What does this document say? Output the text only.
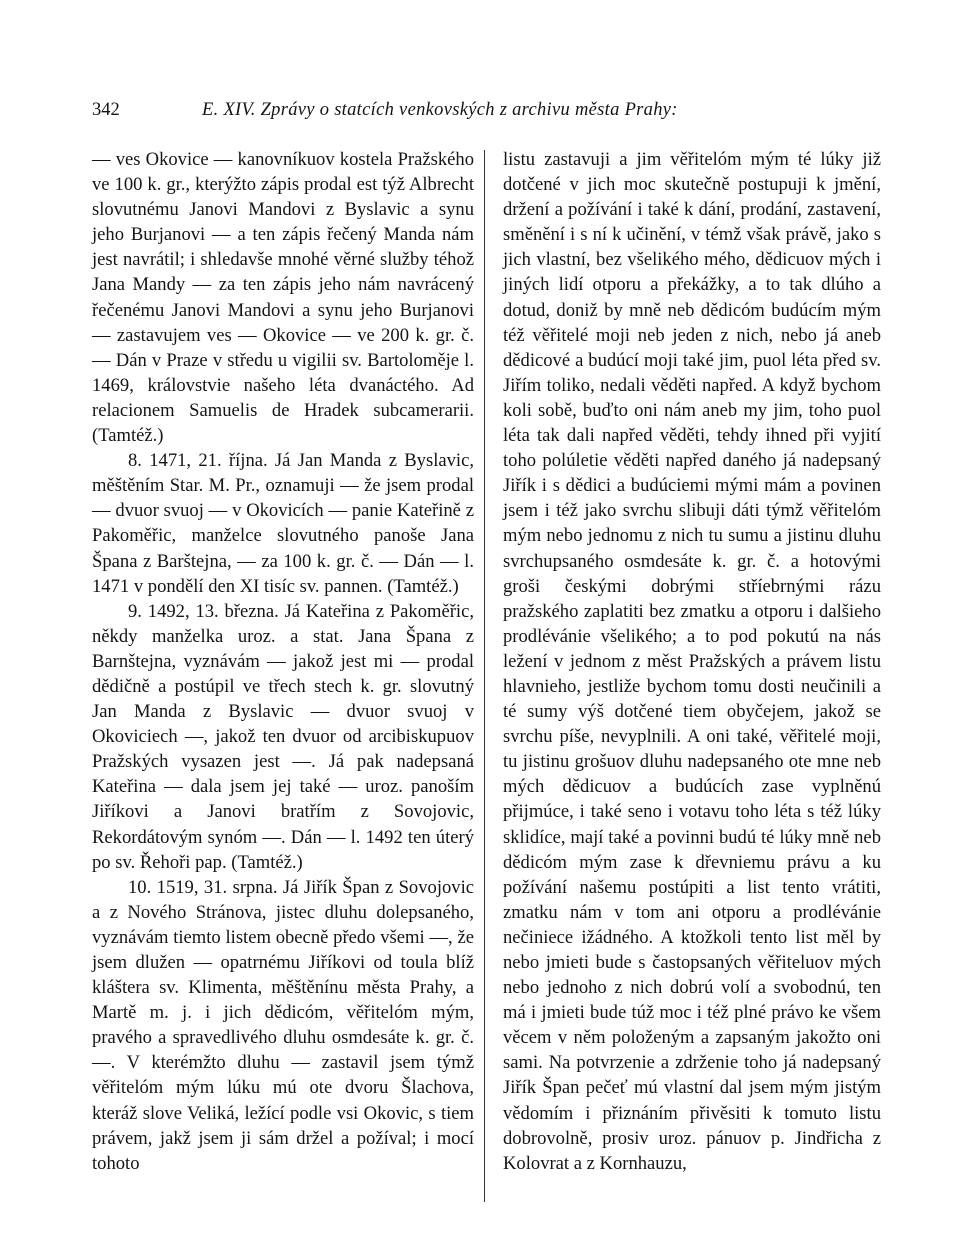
342	E. XIV. Zprávy o statcích venkovských z archivu města Prahy:

— ves Okovice — kanovníkuov kostela Pražského ve 100 k. gr., kterýžto zápis prodal est týž Albrecht slovutnému Janovi Mandovi z Byslavic a synu jeho Burjanovi — a ten zápis řečený Manda nám jest navrátil; i shledavše mnohé věrné služby téhož Jana Mandy — za ten zápis jeho nám navrácený řečenému Janovi Mandovi a synu jeho Burjanovi — zastavujem ves — Okovice — ve 200 k. gr. č. — Dán v Praze v středu u vigilii sv. Bartoloměje l. 1469, královstvie našeho léta dvanáctého. Ad relacionem Samuelis de Hradek subcamerarii. (Tamtéž.)

8. 1471, 21. října. Já Jan Manda z Byslavic, měštěním Star. M. Pr., oznamuji — že jsem prodal — dvuor svuoj — v Okovicích — panie Kateřině z Pakoměřic, manželce slovutného panoše Jana Špana z Barštejna, — za 100 k. gr. č. — Dán — l. 1471 v pondělí den XI tisíc sv. pannen. (Tamtéž.)

9. 1492, 13. března. Já Kateřina z Pakoměřic, někdy manželka uroz. a stat. Jana Špana z Barnštejna, vyznávám — jakož jest mi — prodal dědičně a postúpil ve třech stech k. gr. slovutný Jan Manda z Byslavic — dvuor svuoj v Okoviciech —, jakož ten dvuor od arcibiskupuov Pražských vysazen jest —. Já pak nadepsaná Kateřina — dala jsem jej také — uroz. panoším Jiříkovi a Janovi bratřím z Sovojovic, Rekordátovým synóm —. Dán — l. 1492 ten úterý po sv. Řehoři pap. (Tamtéž.)

10. 1519, 31. srpna. Já Jiřík Špan z Sovojovic a z Nového Stránova, jistec dluhu dolepsaného, vyznávám tiemto listem obecně předo všemi —, že jsem dlužen — opatrnému Jiříkovi od toula blíž kláštera sv. Klimenta, měštěnínu města Prahy, a Martě m. j. i jich dědicóm, věřitelóm mým, pravého a spravedlivého dluhu osmdesáte k. gr. č. —. V kterémžto dluhu — zastavil jsem týmž věřitelóm mým lúku mú ote dvoru Šlachova, kteráž slove Veliká, ležící podle vsi Okovic, s tiem právem, jakž jsem ji sám držel a požíval; i mocí tohoto

listu zastavuji a jim věřitelóm mým té lúky již dotčené v jich moc skutečně postupuji k jmění, držení a požívání i také k dání, prodání, zastavení, směnění i s ní k učinění, v témž však právě, jako s jich vlastní, bez všelikého mého, dědicuov mých i jiných lidí otporu a překážky, a to tak dlúho a dotud, doniž by mně neb dědicóm budúcím mým též věřitelé moji neb jeden z nich, nebo já aneb dědicové a budúcí moji také jim, puol léta před sv. Jiřím toliko, nedali věděti napřed. A když bychom koli sobě, buďto oni nám aneb my jim, toho puol léta tak dali napřed věděti, tehdy ihned při vyjití toho polúletie věděti napřed daného já nadepsaný Jiřík i s dědici a budúciemi mými mám a povinen jsem i též jako svrchu slibuji dáti týmž věřitelóm mým nebo jednomu z nich tu sumu a jistinu dluhu svrchupsaného osmdesáte k. gr. č. a hotovými groši českými dobrými stříebrnými rázu pražského zaplatiti bez zmatku a otporu i dalšieho prodlévánie všelikého; a to pod pokutú na nás ležení v jednom z měst Pražských a právem listu hlavnieho, jestliže bychom tomu dosti neučinili a té sumy výš dotčené tiem obyčejem, jakož se svrchu píše, nevyplnili. A oni také, věřitelé moji, tu jistinu grošuov dluhu nadepsaného ote mne neb mých dědicuov a budúcích zase vyplněnú přijmúce, i také seno i votavu toho léta s též lúky sklidíce, mají také a povinni budú té lúky mně neb dědicóm mým zase k dřevniemu právu a ku požívání našemu postúpiti a list tento vrátiti, zmatku nám v tom ani otporu a prodlévánie nečiniece ižádného. A ktožkoli tento list měl by nebo jmieti bude s častopsaných věřiteluov mých nebo jednoho z nich dobrú volí a svobodnú, ten má i jmieti bude túž moc i též plné právo ke všem věcem v něm položeným a zapsaným jakožto oni sami. Na potvrzenie a zdrženie toho já nadepsaný Jiřík Špan pečeť mú vlastní dal jsem mým jistým vědomím i přiznáním přivěsiti k tomuto listu dobrovolně, prosiv uroz. pánuov p. Jindřicha z Kolovrat a z Kornhauzu,
